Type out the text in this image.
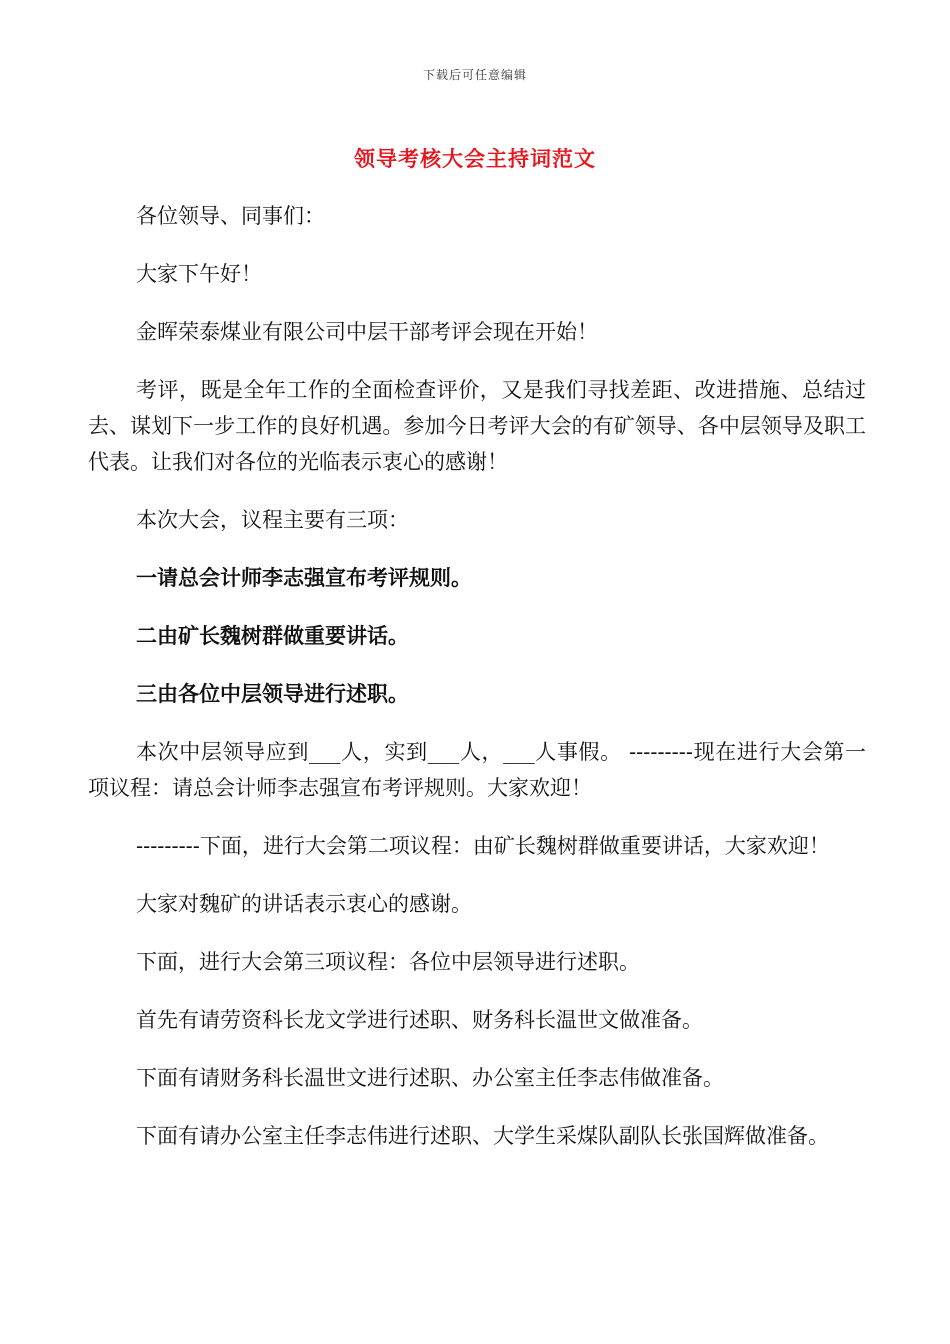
下载后可任意编辑
领导考核大会主持词范文

各位领导、同事们：

大家下午好！

金晖荣泰煤业有限公司中层干部考评会现在开始！

考评，既是全年工作的全面检查评价，又是我们寻找差距、改进措施、总结过去、谋划下一步工作的良好机遇。参加今日考评大会的有矿领导、各中层领导及职工代表。让我们对各位的光临表示衷心的感谢！

本次大会，议程主要有三项：

一请总会计师李志强宣布考评规则。

二由矿长魏树群做重要讲话。

三由各位中层领导进行述职。

本次中层领导应到___人，实到___人，___人事假。 ---------现在进行大会第一项议程：请总会计师李志强宣布考评规则。大家欢迎！

---------下面，进行大会第二项议程：由矿长魏树群做重要讲话，大家欢迎！

大家对魏矿的讲话表示衷心的感谢。

下面，进行大会第三项议程：各位中层领导进行述职。

首先有请劳资科长龙文学进行述职、财务科长温世文做准备。

下面有请财务科长温世文进行述职、办公室主任李志伟做准备。

下面有请办公室主任李志伟进行述职、大学生采煤队副队长张国辉做准备。
